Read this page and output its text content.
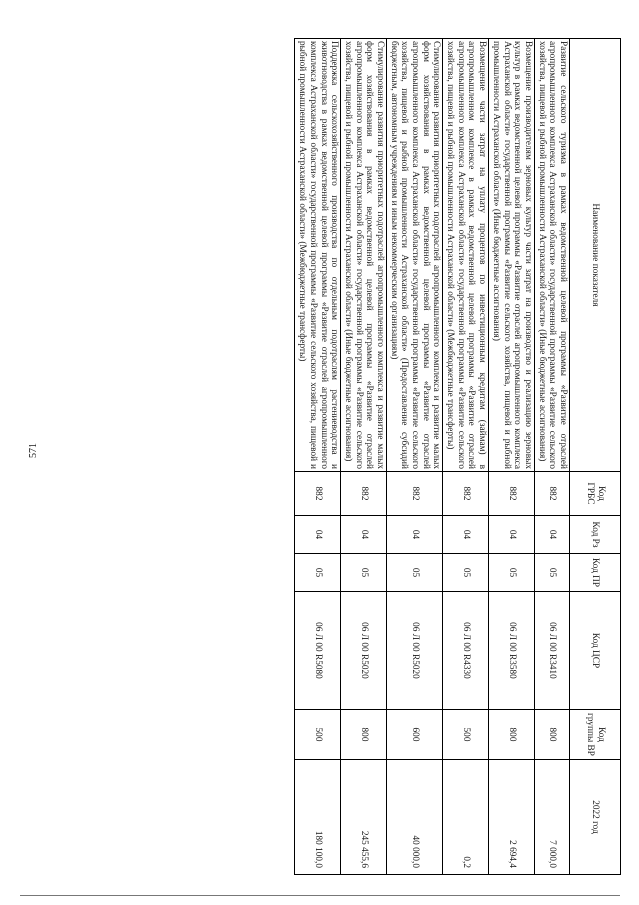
571
Наименование показателя	Код ГРБС	Код Рз	Код ПР	Код ЦСР	Код группы ВР	2022 год
Развитие сельского туризма в рамках ведомственной целевой программы «Развитие отраслей агропромышленного комплекса Астраханской области» государственной программы «Развитие сельского хозяйства, пищевой и рыбной промышленности Астраханской области» (Иные бюджетные ассигнования)	882	04	05	06 Л 00 R3410	800	7 000,0
Возмещение производителям зерновых культур части затрат на производство и реализацию зерновых культур в рамках ведомственной целевой программы «Развитие отраслей агропромышленного комплекса Астраханской области» государственной программы «Развитие сельского хозяйства, пищевой и рыбной промышленности Астраханской области» (Иные бюджетные ассигнования)	882	04	05	06 Л 00 R3580	800	2 694,4
Возмещение части затрат на уплату процентов по инвестиционным кредитам (займам) в агропромышленном комплексе в рамках ведомственной целевой программы «Развитие отраслей агропромышленного комплекса Астраханской области» государственной программы «Развитие сельского хозяйства, пищевой и рыбной промышленности Астраханской области» (Межбюджетные трансферты)	882	04	05	06 Л 00 R4330	500	0,2
Стимулирование развития приоритетных подотраслей агропромышленного комплекса и развитие малых форм хозяйствования в рамках ведомственной целевой программы «Развитие отраслей агропромышленного комплекса Астраханской области» государственной программы «Развитие сельского хозяйства, пищевой и рыбной промышленности Астраханской области» (Предоставление субсидий бюджетным, автономным учреждениям и иным некоммерческим организациям)	882	04	05	06 Л 00 R5020	600	40 000,0
Стимулирование развития приоритетных подотраслей агропромышленного комплекса и развитие малых форм хозяйствования в рамках ведомственной целевой программы «Развитие отраслей агропромышленного комплекса Астраханской области» государственной программы «Развитие сельского хозяйства, пищевой и рыбной промышленности Астраханской области» (Иные бюджетные ассигнования)	882	04	05	06 Л 00 R5020	800	245 455,6
Поддержка сельскохозяйственного производства по отдельным подотраслям растениеводства и животноводства в рамках ведомственной целевой программы «Развитие отраслей агропромышленного комплекса Астраханской области» государственной программы «Развитие сельского хозяйства, пищевой и рыбной промышленности Астраханской области» (Межбюджетные трансферты)	882	04	05	06 Л 00 R5080	500	180 100,0
